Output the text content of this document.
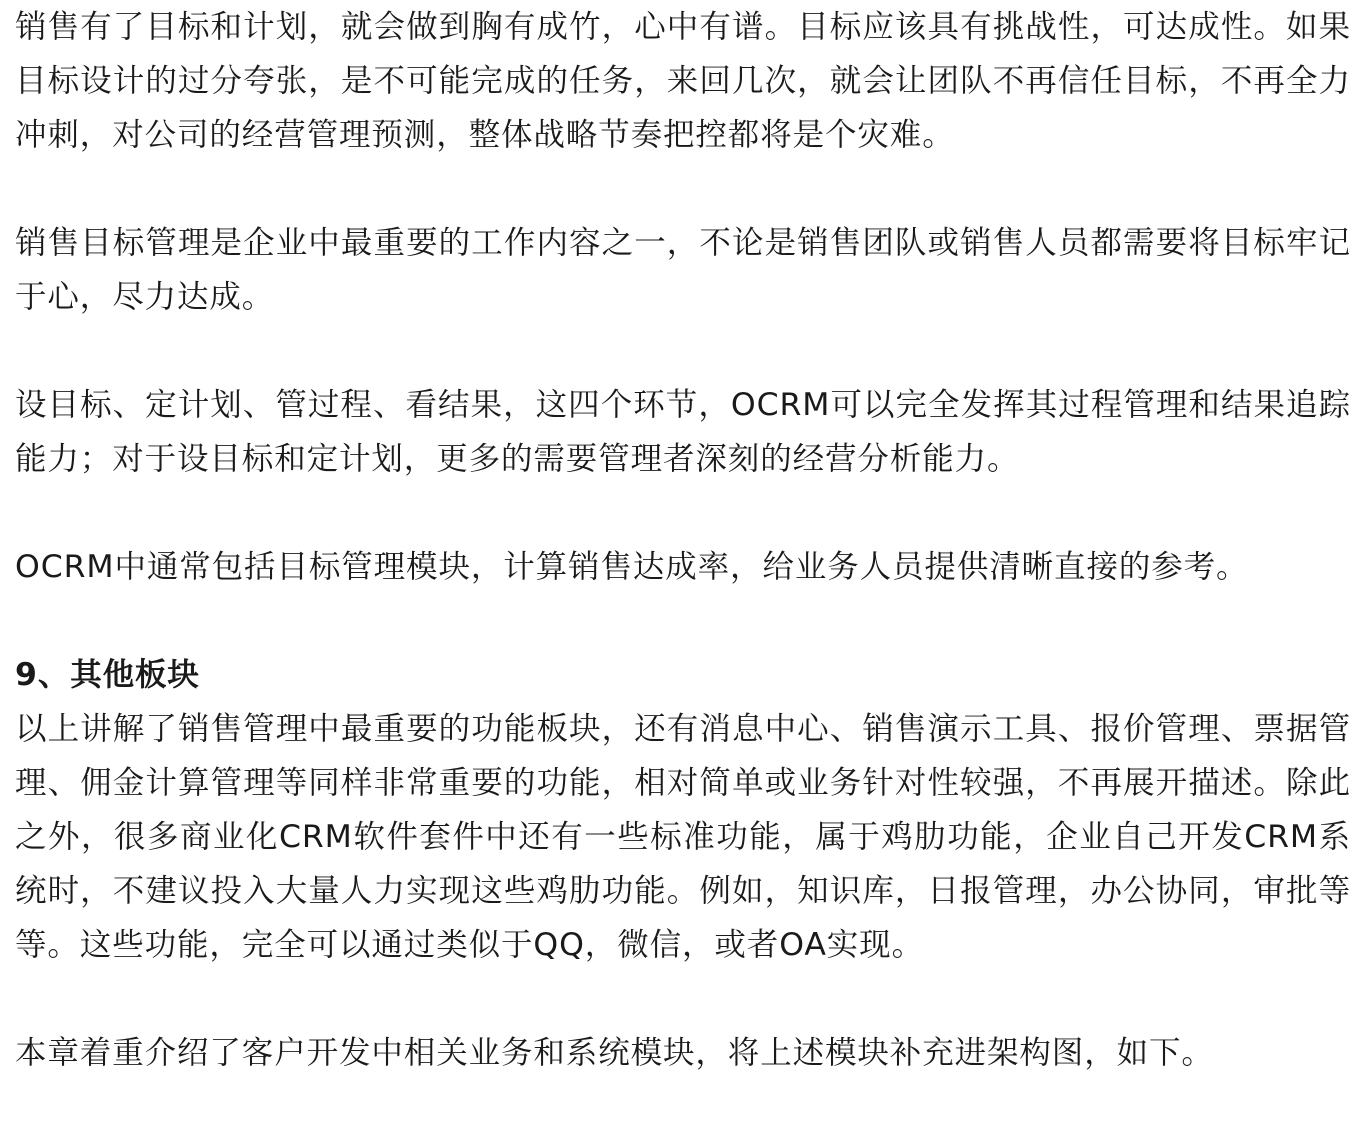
销售有了目标和计划，就会做到胸有成竹，心中有谱。目标应该具有挑战性，可达成性。如果目标设计的过分夸张，是不可能完成的任务，来回几次，就会让团队不再信任目标，不再全力冲刺，对公司的经营管理预测，整体战略节奏把控都将是个灾难。

销售目标管理是企业中最重要的工作内容之一，不论是销售团队或销售人员都需要将目标牢记于心，尽力达成。

设目标、定计划、管过程、看结果，这四个环节，OCRM可以完全发挥其过程管理和结果追踪能力；对于设目标和定计划，更多的需要管理者深刻的经营分析能力。

OCRM中通常包括目标管理模块，计算销售达成率，给业务人员提供清晰直接的参考。

9、其他板块

以上讲解了销售管理中最重要的功能板块，还有消息中心、销售演示工具、报价管理、票据管理、佣金计算管理等同样非常重要的功能，相对简单或业务针对性较强，不再展开描述。除此之外，很多商业化CRM软件套件中还有一些标准功能，属于鸡肋功能，企业自己开发CRM系统时，不建议投入大量人力实现这些鸡肋功能。例如，知识库，日报管理，办公协同，审批等等。这些功能，完全可以通过类似于QQ，微信，或者OA实现。

本章着重介绍了客户开发中相关业务和系统模块，将上述模块补充进架构图，如下。
